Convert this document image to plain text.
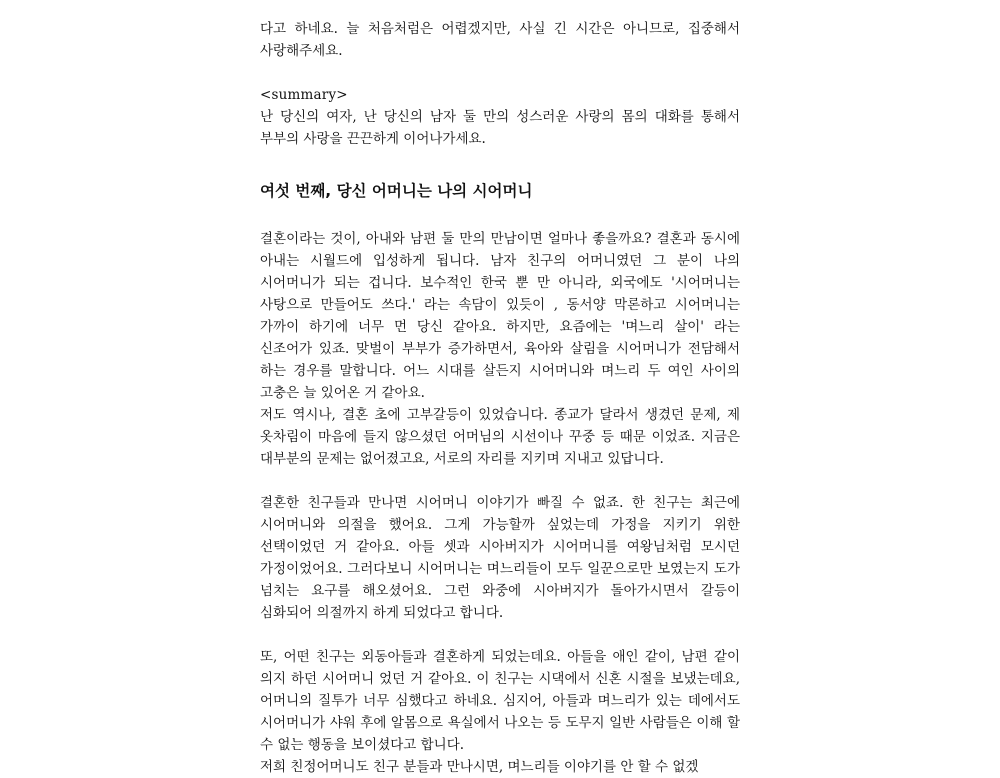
다고 하네요. 늘 처음처럼은 어렵겠지만, 사실 긴 시간은 아니므로, 집중해서 사랑해주세요.

<summary>

난 당신의 여자, 난 당신의 남자 둘 만의 성스러운 사랑의 몸의 대화를 통해서 부부의 사랑을 끈끈하게 이어나가세요.

여섯 번째, 당신 어머니는 나의 시어머니

결혼이라는 것이, 아내와 남편 둘 만의 만남이면 얼마나 좋을까요? 결혼과 동시에 아내는 시월드에 입성하게 됩니다. 남자 친구의 어머니였던 그 분이 나의 시어머니가 되는 겁니다. 보수적인 한국 뿐 만 아니라, 외국에도 '시어머니는 사탕으로 만들어도 쓰다.' 라는 속담이 있듯이 , 동서양 막론하고 시어머니는 가까이 하기에 너무 먼 당신 같아요. 하지만, 요즘에는 '며느리 살이' 라는 신조어가 있죠. 맞벌이 부부가 증가하면서, 육아와 살림을 시어머니가 전담해서 하는 경우를 말합니다. 어느 시대를 살든지 시어머니와 며느리 두 여인 사이의 고충은 늘 있어온 거 같아요.

저도 역시나, 결혼 초에 고부갈등이 있었습니다. 종교가 달라서 생겼던 문제, 제 옷차림이 마음에 들지 않으셨던 어머님의 시선이나 꾸중 등 때문 이었죠. 지금은 대부분의 문제는 없어졌고요, 서로의 자리를 지키며 지내고 있답니다.

결혼한 친구들과 만나면 시어머니 이야기가 빠질 수 없죠. 한 친구는 최근에 시어머니와 의절을 했어요. 그게 가능할까 싶었는데 가정을 지키기 위한 선택이었던 거 같아요. 아들 셋과 시아버지가 시어머니를 여왕님처럼 모시던 가정이었어요. 그러다보니 시어머니는 며느리들이 모두 일꾼으로만 보였는지 도가 넘치는 요구를 해오셨어요. 그런 와중에 시아버지가 돌아가시면서 갈등이 심화되어 의절까지 하게 되었다고 합니다.

또, 어떤 친구는 외동아들과 결혼하게 되었는데요. 아들을 애인 같이, 남편 같이 의지 하던 시어머니 었던 거 같아요. 이 친구는 시댁에서 신혼 시절을 보냈는데요, 어머니의 질투가 너무 심했다고 하네요. 심지어, 아들과 며느리가 있는 데에서도 시어머니가 샤워 후에 알몸으로 욕실에서 나오는 등 도무지 일반 사람들은 이해 할 수 없는 행동을 보이셨다고 합니다.

저희 친정어머니도 친구 분들과 만나시면, 며느리들 이야기를 안 할 수 없겠
